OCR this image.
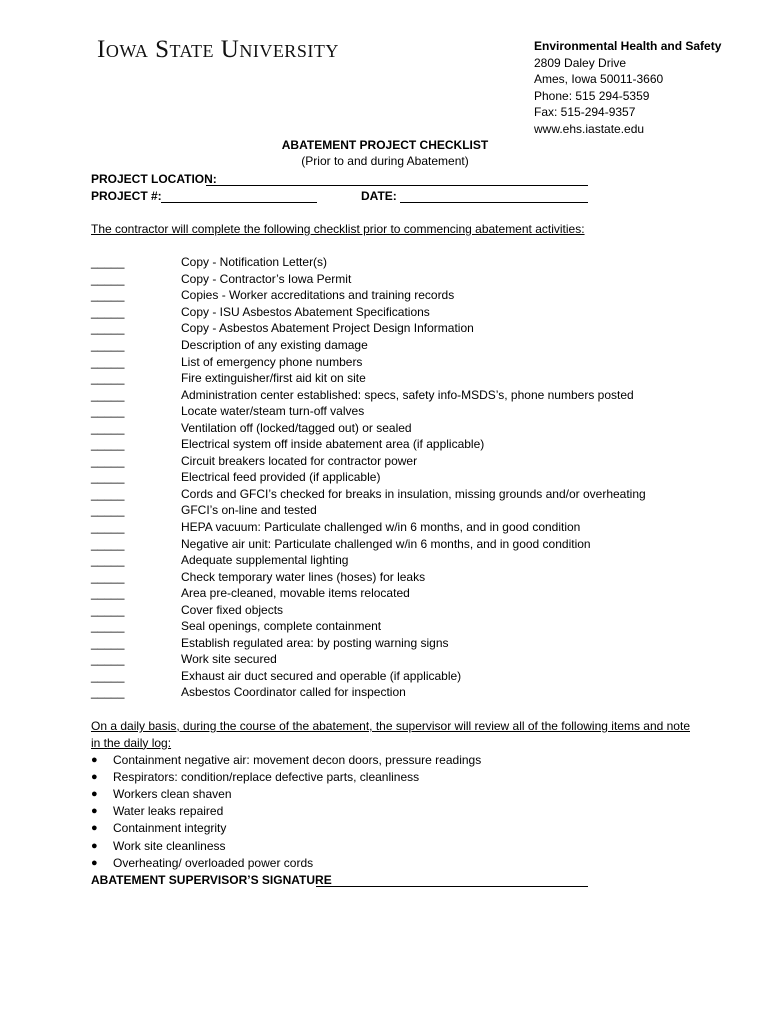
Iowa State University	Environmental Health and Safety
2809 Daley Drive
Ames, Iowa 50011-3660
Phone: 515 294-5359
Fax: 515-294-9357
www.ehs.iastate.edu
ABATEMENT PROJECT CHECKLIST
(Prior to and during Abatement)
PROJECT LOCATION:
PROJECT #:	DATE:
The contractor will complete the following checklist prior to commencing abatement activities:
_____	Copy - Notification Letter(s)
_____	Copy - Contractor’s Iowa Permit
_____	Copies - Worker accreditations and training records
_____	Copy - ISU Asbestos Abatement Specifications
_____	Copy - Asbestos Abatement Project Design Information
_____	Description of any existing damage
_____	List of emergency phone numbers
_____	Fire extinguisher/first aid kit on site
_____	Administration center established: specs, safety info-MSDS’s, phone numbers posted
_____	Locate water/steam turn-off valves
_____	Ventilation off (locked/tagged out) or sealed
_____	Electrical system off inside abatement area (if applicable)
_____	Circuit breakers located for contractor power
_____	Electrical feed provided (if applicable)
_____	Cords and GFCI’s checked for breaks in insulation, missing grounds and/or overheating
_____	GFCI’s on-line and tested
_____	HEPA vacuum: Particulate challenged w/in 6 months, and in good condition
_____	Negative air unit: Particulate challenged w/in 6 months, and in good condition
_____	Adequate supplemental lighting
_____	Check temporary water lines (hoses) for leaks
_____	Area pre-cleaned, movable items relocated
_____	Cover fixed objects
_____	Seal openings, complete containment
_____	Establish regulated area: by posting warning signs
_____	Work site secured
_____	Exhaust air duct secured and operable (if applicable)
_____	Asbestos Coordinator called for inspection
On a daily basis, during the course of the abatement, the supervisor will review all of the following items and note in the daily log:
●	Containment negative air: movement decon doors, pressure readings
●	Respirators: condition/replace defective parts, cleanliness
●	Workers clean shaven
●	Water leaks repaired
●	Containment integrity
●	Work site cleanliness
●	Overheating/ overloaded power cords
ABATEMENT SUPERVISOR’S SIGNATURE
